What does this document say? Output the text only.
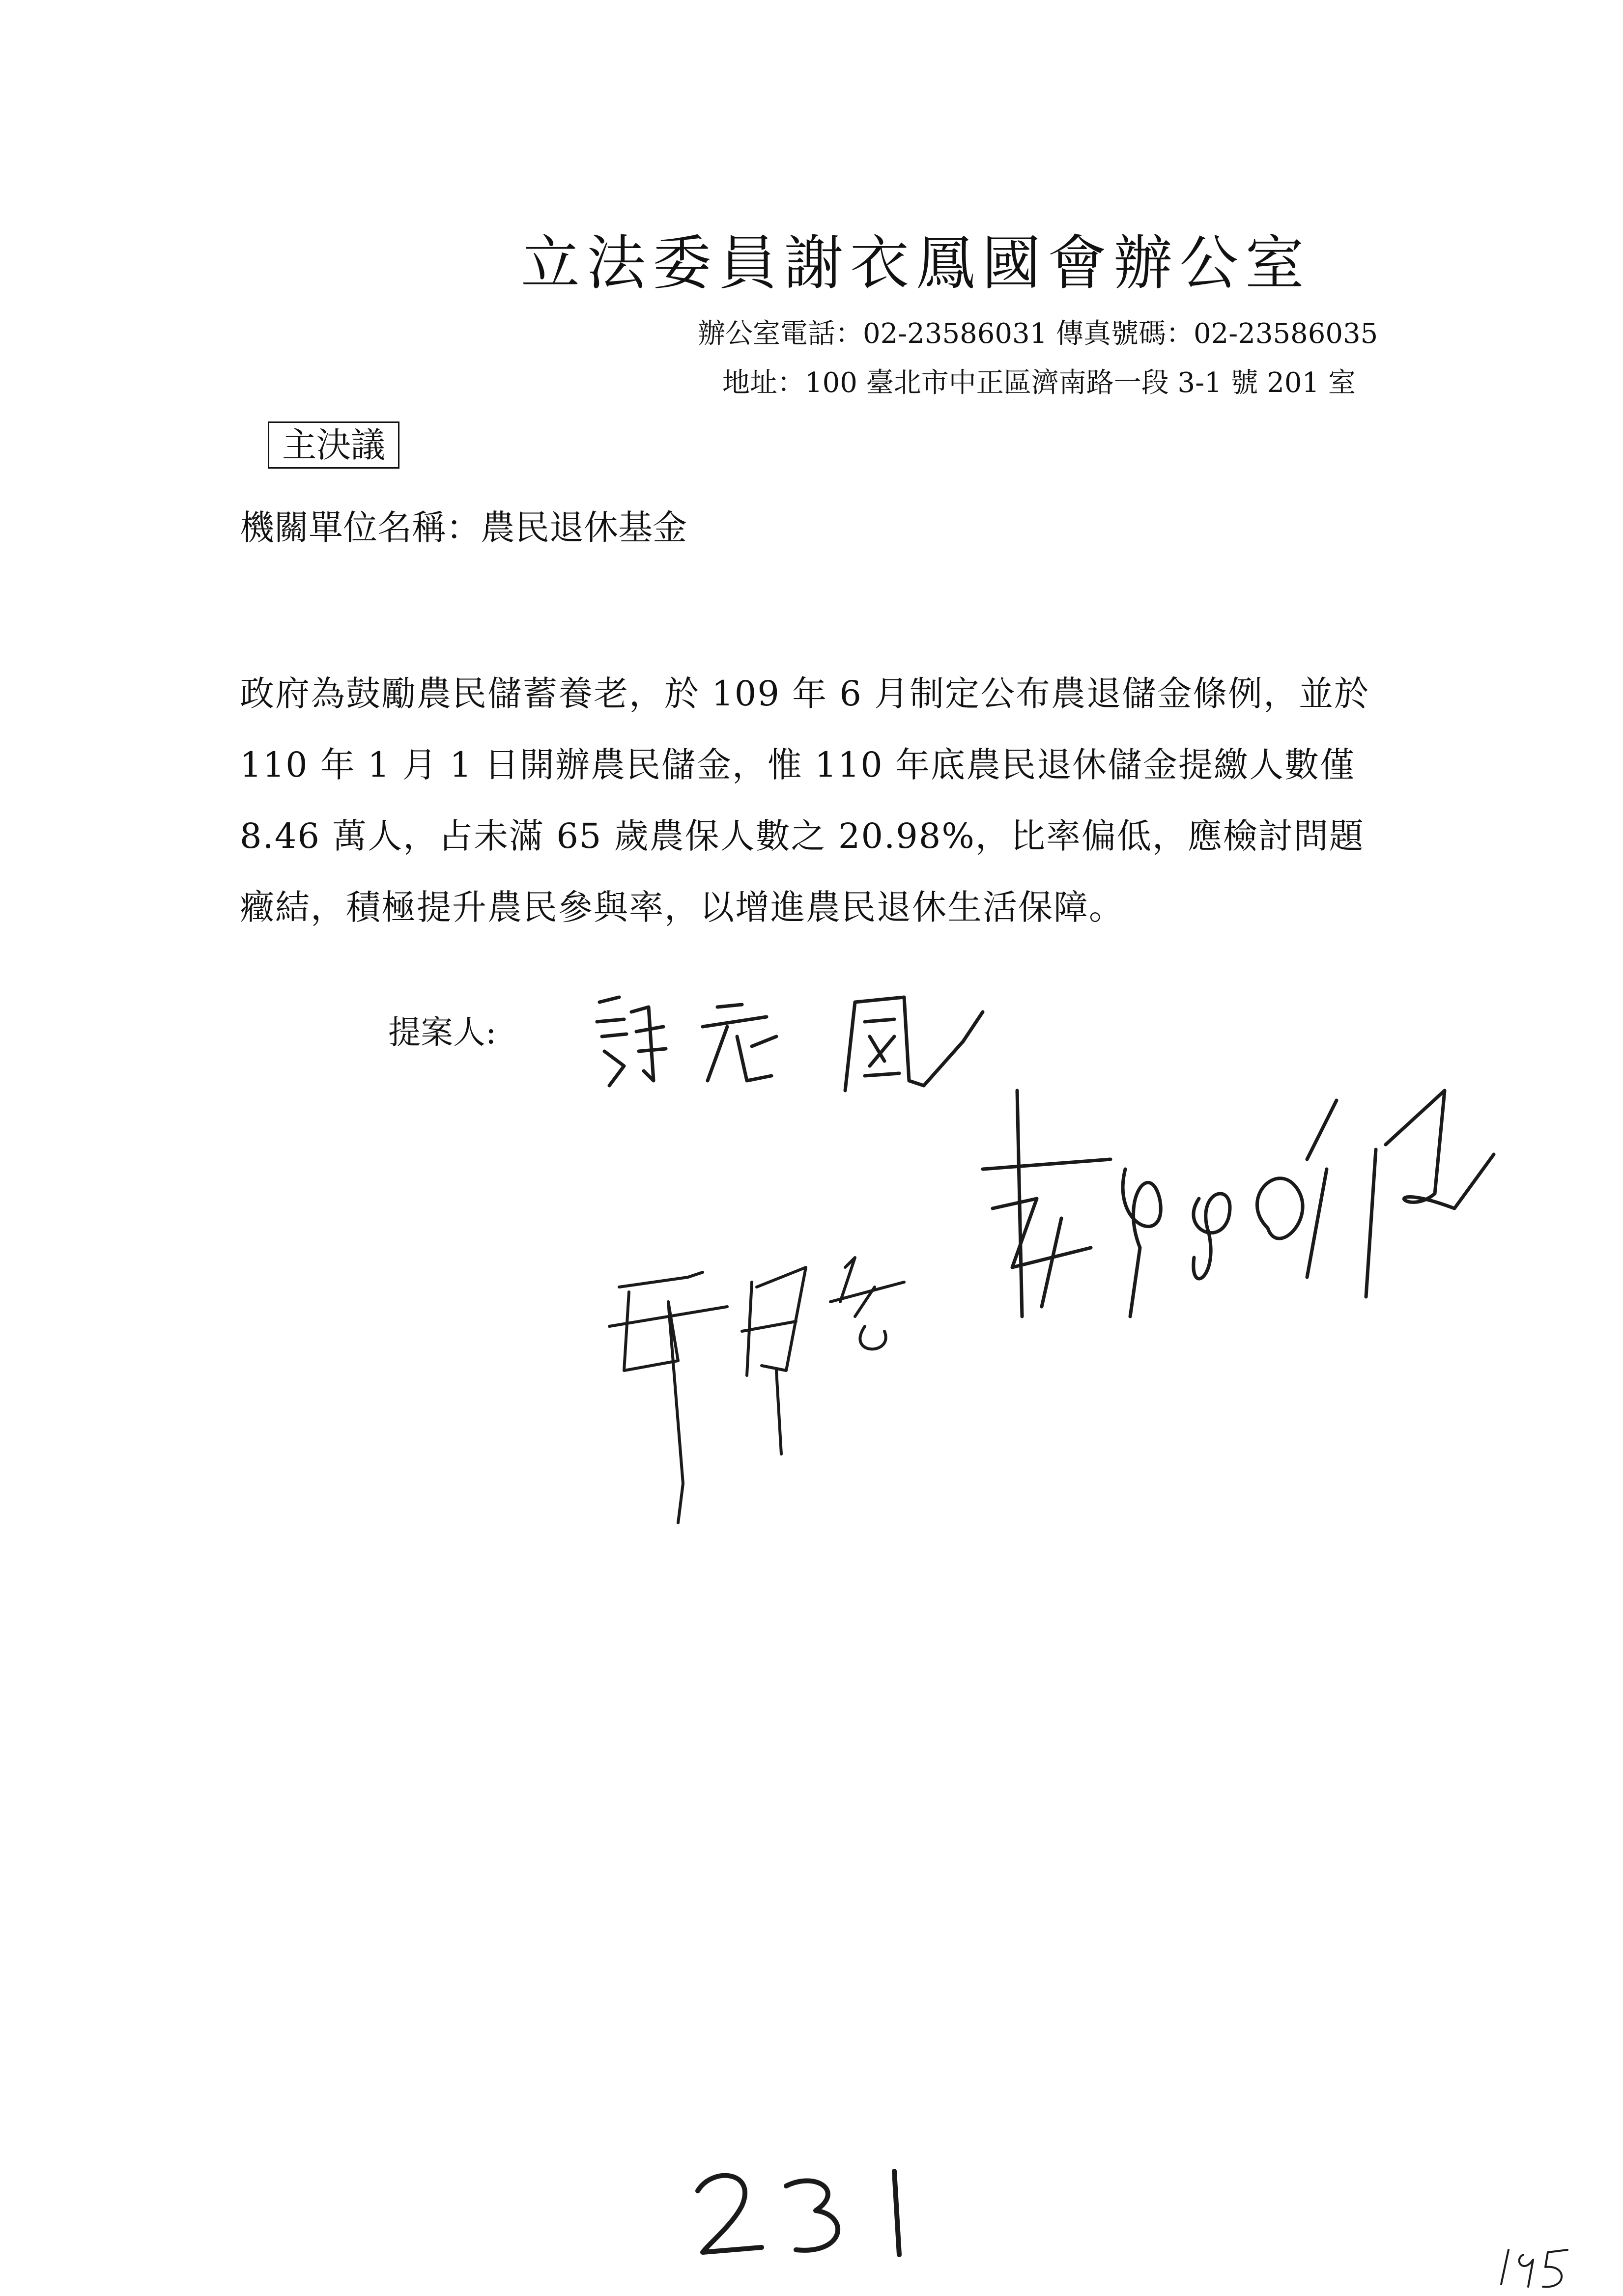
立法委員謝衣鳳國會辦公室
辦公室電話：02-23586031 傳真號碼：02-23586035
地址：100 臺北市中正區濟南路一段 3-1 號 201 室
主決議
機關單位名稱：農民退休基金
政府為鼓勵農民儲蓄養老，於 109 年 6 月制定公布農退儲金條例，並於 110 年 1 月 1 日開辦農民儲金，惟 110 年底農民退休儲金提繳人數僅 8.46 萬人，占未滿 65 歲農保人數之 20.98%，比率偏低，應檢討問題癥結，積極提升農民參與率，以增進農民退休生活保障。
提案人:
